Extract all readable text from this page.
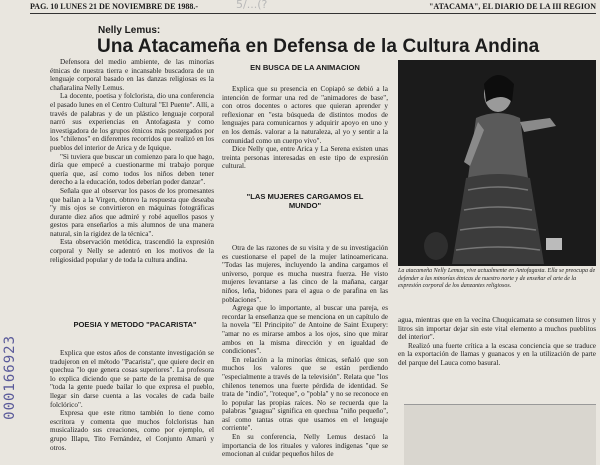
PAG. 10 LUNES 21 DE NOVIEMBRE DE 1988.-	"ATACAMA", EL DIARIO DE LA III REGION
5/...(?
000166923
Nelly Lemus:
Una Atacameña en Defensa de la Cultura Andina

Defensora del medio ambiente, de las minorías étnicas de nuestra tierra e incansable buscadora de un lenguaje corporal basado en las danzas religiosas es la chañaralina Nelly Lemus.

La docente, poetisa y folclorista, dio una conferencia el pasado lunes en el Centro Cultural "El Puente". Allí, a través de palabras y de un plástico lenguaje corporal narró sus experiencias en Antofagasta y como investigadora de los grupos étnicos más postergados por los "chilenos" en diferentes recorridos que realizó en los pueblos del interior de Arica y de Iquique.

"Si tuviera que buscar un comienzo para lo que hago, diría que empecé a cuestionarme mi trabajo porque quería que, así como todos los niños deben tener derecho a la educación, todos deberían poder danzar".

Señala que al observar los pasos de los promesantes que bailan a la Virgen, obtuvo la respuesta que deseaba "y mis ojos se convirtieron en máquinas fotográficas durante diez años que admiré y robé aquellos pasos y gestos para enseñarlos a mis alumnos de una manera natural, sin la rigidez de la técnica".

Esta observación metódica, trascendió la expresión corporal y Nelly se adentró en los motivos de la religiosidad popular y de toda la cultura andina.

POESIA Y METODO "PACARISTA"

Explica que estos años de constante investigación se tradujeron en el método "Pacarista", que quiere decir en quechua "lo que genera cosas superiores". La profesora lo explica diciendo que se parte de la premisa de que "toda la gente puede bailar lo que expresa el pueblo, llegar sin darse cuenta a las vocales de cada baile folclórico".

Expresa que este ritmo también lo tiene como escritora y comenta que muchos folcloristas han musicalizado sus creaciones, como por ejemplo, el grupo Illapu, Tito Fernández, el Conjunto Amarú y otros.

EN BUSCA DE LA ANIMACION

Explica que su presencia en Copiapó se debió a la intención de formar una red de "animadores de base", con otros docentes o actores que quieran aprender y reflexionar en "esta búsqueda de distintos modos de lenguajes para comunicarnos y adquirir apoyo en uno y en los demás. valorar a la naturaleza, al yo y sentir a la comunidad como un cuerpo vivo".

Dice Nelly que, entre Arica y La Serena existen unas treinta personas interesadas en este tipo de expresión cultural.

"LAS MUJERES CARGAMOS EL MUNDO"

Otra de las razones de su visita y de su investigación es cuestionarse el papel de la mujer latinoamericana. "Todas las mujeres, incluyendo la andina cargamos el universo, porque es mucha nuestra fuerza. He visto mujeres levantarse a las cinco de la mañana, cargar niños, leña, bidones para el agua o de parafina en las poblaciones".

Agrega que lo importante, al buscar una pareja, es recordar la enseñanza que se menciona en un capítulo de la novela "El Principito" de Antoine de Saint Exupery: "amar no es mirarse ambos a los ojos, sino que mirar ambos en la misma dirección y en igualdad de condiciones".

En relación a la minorías étnicas, señaló que son muchos los valores que se están perdiendo "especialmente a través de la televisión". Relata que "los chilenos tenemos una fuerte pérdida de identidad. Se trata de "indio", "roteque", o "pobla" y no se reconoce en lo popular las propias raíces. No se recuerda que la palabras "guagua" significa en quechua "niño pequeño", así como tantas otras que usamos en el lenguaje corriente".

En su conferencia, Nelly Lemus destacó la importancia de los rituales y valores indígenas "que se emocionan al cuidar pequeños hilos de

La atacameña Nelly Lemus, vive actualmente en Antofagasta. Ella se preocupa de defender a las minorías étnicas de nuestro norte y de enseñar el arte de la expresión corporal de los danzantes religiosos.

agua, mientras que en la vecina Chuquicamata se consumen litros y litros sin importar dejar sin este vital elemento a muchos pueblitos del interior".

Realizó una fuerte crítica a la escasa conciencia que se traduce en la exportación de llamas y guanacos y en la utilización de parte del parque del Lauca como basural.
